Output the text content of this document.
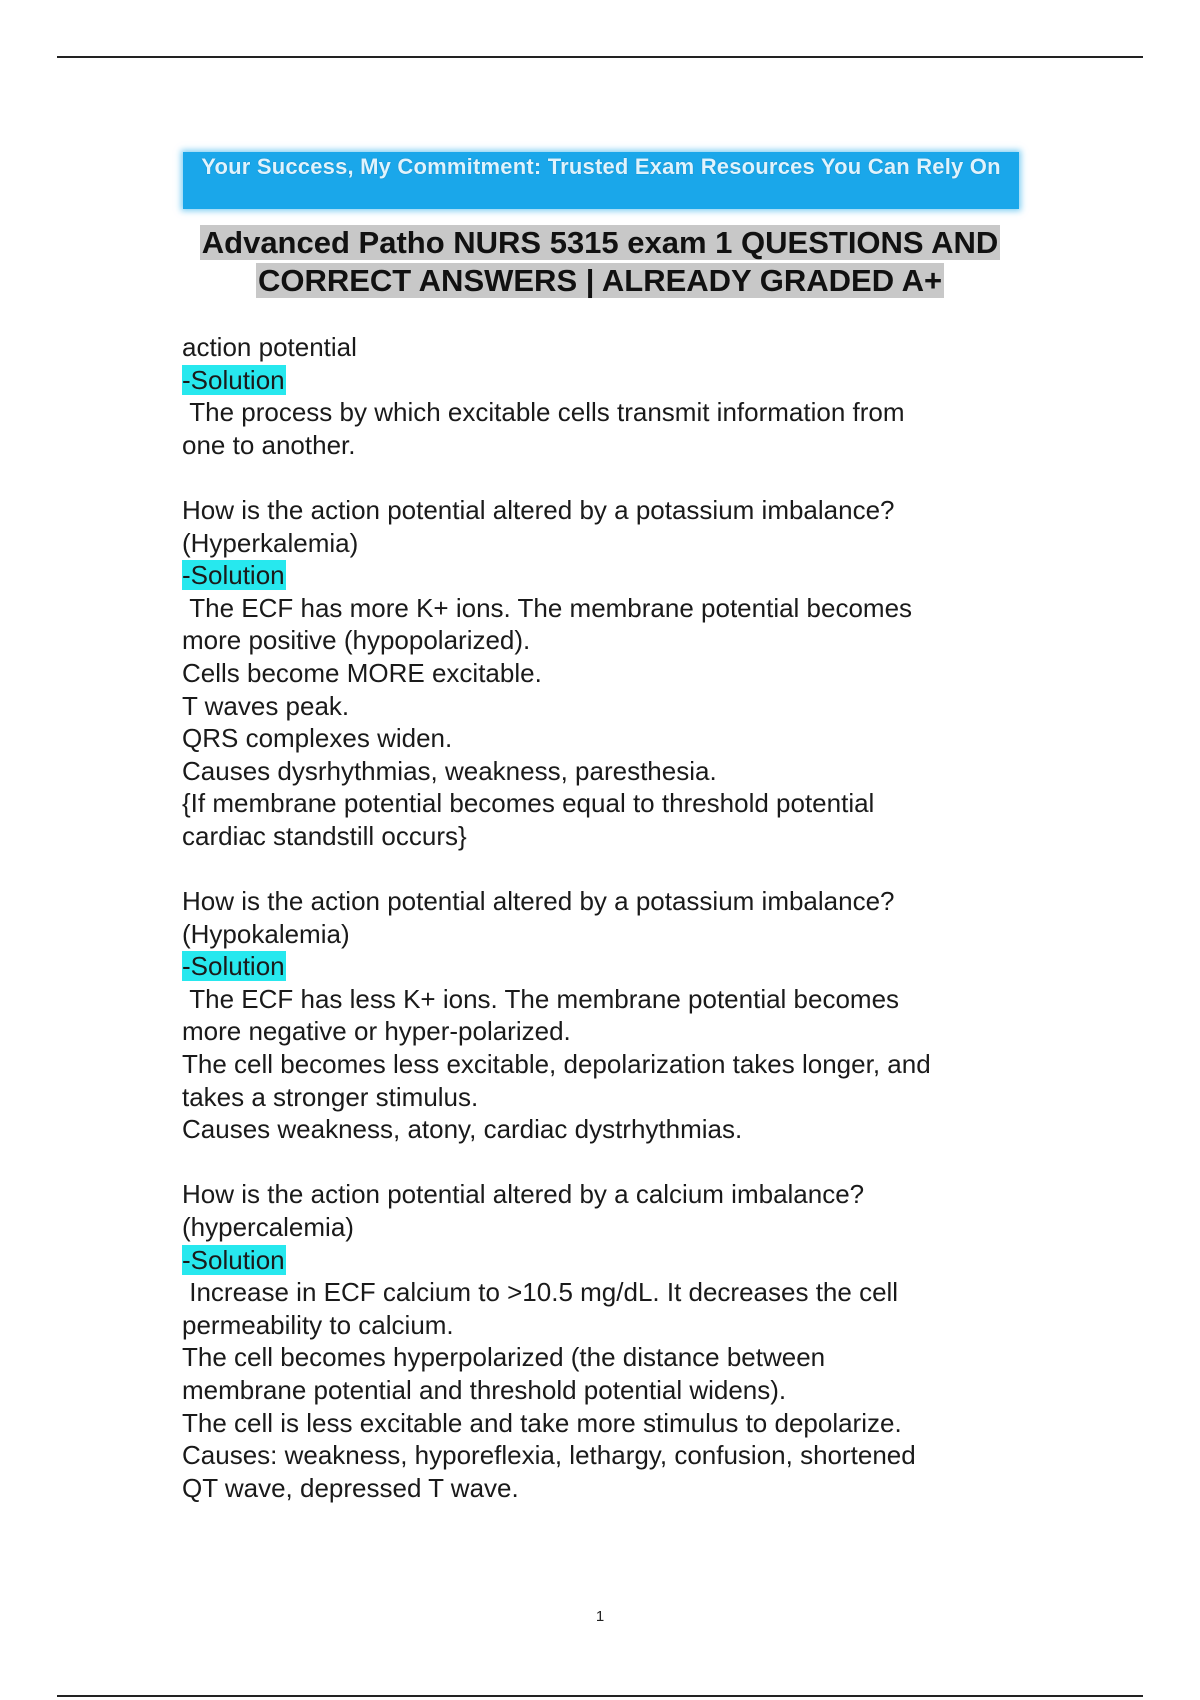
Your Success, My Commitment: Trusted Exam Resources You Can Rely On
Advanced Patho NURS 5315 exam 1 QUESTIONS AND
CORRECT ANSWERS | ALREADY GRADED A+
action potential
-Solution
The process by which excitable cells transmit information from
one to another.
How is the action potential altered by a potassium imbalance?
(Hyperkalemia)
-Solution
The ECF has more K+ ions. The membrane potential becomes
more positive (hypopolarized).
Cells become MORE excitable.
T waves peak.
QRS complexes widen.
Causes dysrhythmias, weakness, paresthesia.
{If membrane potential becomes equal to threshold potential
cardiac standstill occurs}
How is the action potential altered by a potassium imbalance?
(Hypokalemia)
-Solution
The ECF has less K+ ions. The membrane potential becomes
more negative or hyper-polarized.
The cell becomes less excitable, depolarization takes longer, and
takes a stronger stimulus.
Causes weakness, atony, cardiac dystrhythmias.
How is the action potential altered by a calcium imbalance?
(hypercalemia)
-Solution
Increase in ECF calcium to >10.5 mg/dL. It decreases the cell
permeability to calcium.
The cell becomes hyperpolarized (the distance between
membrane potential and threshold potential widens).
The cell is less excitable and take more stimulus to depolarize.
Causes: weakness, hyporeflexia, lethargy, confusion, shortened
QT wave, depressed T wave.
1
